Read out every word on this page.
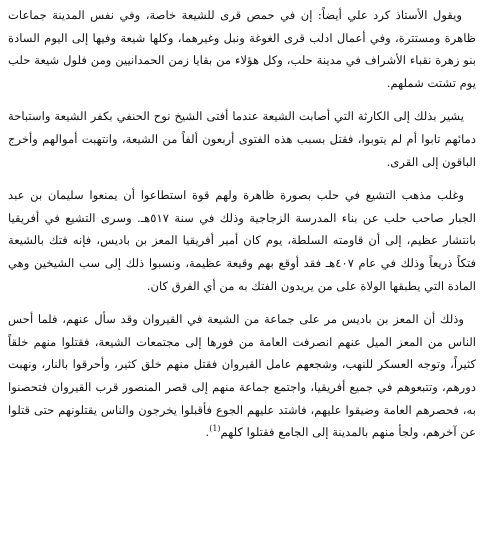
ويقول الأستاذ كرد علي أيضاً: إن في حمص قرى للشيعة خاصة، وفي نفس المدينة جماعات ظاهرة ومستترة، وفي أعمال ادلب قرى الغوغة ونبل وغيرهما، وكلها شيعة وفيها إلى اليوم السادة بنو زهرة نقباء الأشراف في مدينة حلب، وكل هؤلاء من بقايا زمن الحمدانيين ومن فلول شيعة حلب يوم تشتت شملهم.

يشير بذلك إلى الكارثة التي أصابت الشيعة عندما أفتى الشيخ نوح الحنفي بكفر الشيعة واستباحة دمائهم تابوا أم لم يتوبوا، فقتل بسبب هذه الفتوى أربعون ألفاً من الشيعة، وانتهبت أموالهم وأخرج الباقون إلى القرى.

وغلب مذهب التشيع في حلب بصورة ظاهرة ولهم قوة استطاعوا أن يمنعوا سليمان بن عبد الجبار صاحب حلب عن بناء المدرسة الزجاجية وذلك في سنة ٥١٧هـ. وسرى التشيع في أفريقيا بانتشار عظيم، إلى أن قاومته السلطة، يوم كان أمير أفريقيا المعز بن باديس، فإنه فتك بالشيعة فتكاً ذريعاً وذلك في عام ٤٠٧هـ فقد أوقع بهم وقيعة عظيمة، ونسبوا ذلك إلى سب الشيخين وهي المادة التي يطبقها الولاة على من يريدون الفتك به من أي الفرق كان.

وذلك أن المعز بن باديس مر على جماعة من الشيعة في القيروان وقد سأل عنهم، فلما أحس الناس من المعز الميل عنهم انصرفت العامة من فورها إلى مجتمعات الشيعة، فقتلوا منهم خلقاً كثيراً، وتوجه العسكر للنهب، وشجعهم عامل القيروان فقتل منهم خلق كثير، وأحرقوا بالنار، ونهبت دورهم، وتتبعوهم في جميع أفريقيا، واجتمع جماعة منهم إلى قصر المنصور قرب القيروان فتحصنوا به، فحصرهم العامة وضيقوا عليهم، فاشتد عليهم الجوع فأقبلوا يخرجون والناس يقتلونهم حتى قتلوا عن آخرهم، ولجأ منهم بالمدينة إلى الجامع فقتلوا كلهم$^{(1)}$.
